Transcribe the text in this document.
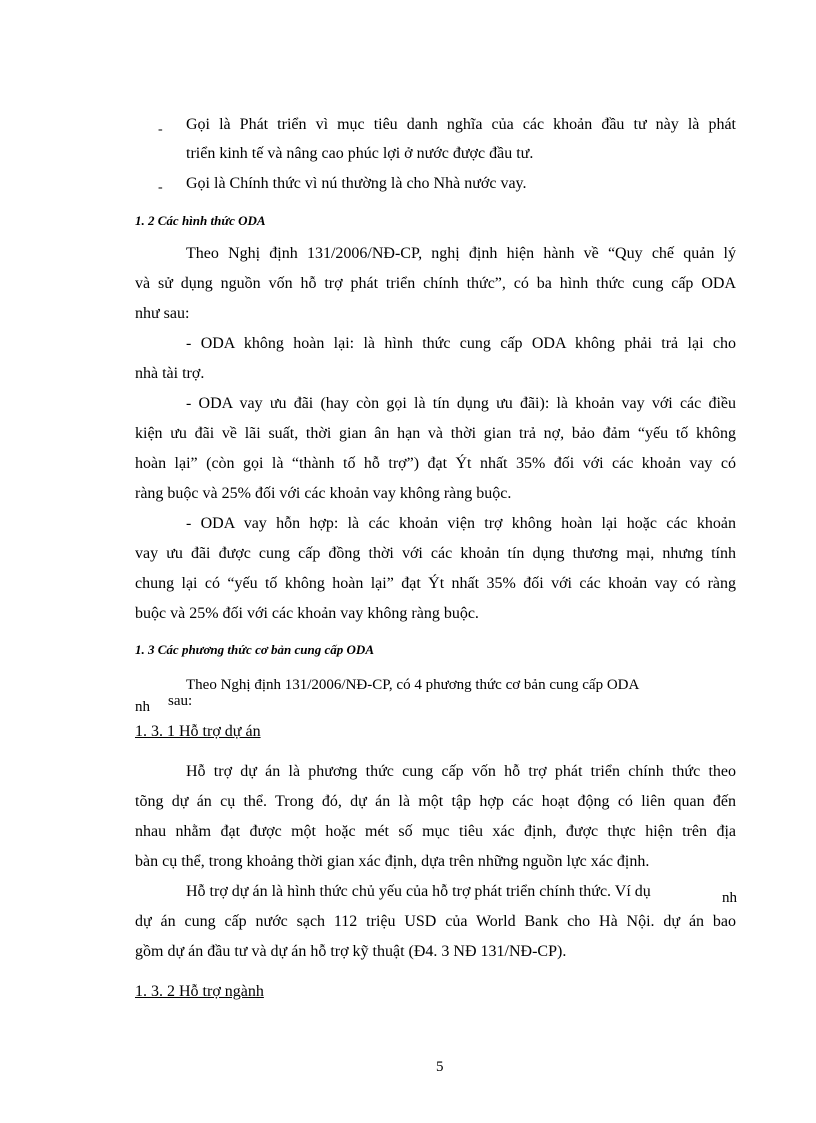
- Gọi là Phát triển vì mục tiêu danh nghĩa của các khoản đầu tư này là phát
triển kinh tế và nâng cao phúc lợi ở nước được đầu tư.
- Gọi là Chính thức vì nú thường là cho Nhà nước vay.
1. 2 Các hình thức ODA
Theo Nghị định 131/2006/NĐ-CP, nghị định hiện hành về “Quy chế quản lý
và sử dụng nguồn vốn hỗ trợ phát triển chính thức”, có ba hình thức cung cấp ODA
như sau:
- ODA không hoàn lại: là hình thức cung cấp ODA không phải trả lại cho
nhà tài trợ.
- ODA vay ưu đãi (hay còn gọi là tín dụng ưu đãi): là khoản vay với các điều
kiện ưu đãi về lãi suất, thời gian ân hạn và thời gian trả nợ, bảo đảm “yếu tố không
hoàn lại” (còn gọi là “thành tố hỗ trợ”) đạt Ýt nhất 35% đối với các khoản vay có
ràng buộc và 25% đối với các khoản vay không ràng buộc.
- ODA vay hỗn hợp: là các khoản viện trợ không hoàn lại hoặc các khoản
vay ưu đãi được cung cấp đồng thời với các khoản tín dụng thương mại, nhưng tính
chung lại có “yếu tố không hoàn lại” đạt Ýt nhất 35% đối với các khoản vay có ràng
buộc và 25% đối với các khoản vay không ràng buộc.
1. 3 Các phương thức cơ bản cung cấp ODA
Theo Nghị định 131/2006/NĐ-CP, có 4 phương thức cơ bản cung cấp ODA
nh sau:
1. 3. 1 Hỗ trợ dự án
Hỗ trợ dự án là phương thức cung cấp vốn hỗ trợ phát triển chính thức theo
tõng dự án cụ thể. Trong đó, dự án là một tập hợp các hoạt động có liên quan đến
nhau nhằm đạt được một hoặc mét số mục tiêu xác định, được thực hiện trên địa
bàn cụ thể, trong khoảng thời gian xác định, dựa trên những nguồn lực xác định.
Hỗ trợ dự án là hình thức chủ yếu của hỗ trợ phát triển chính thức. Ví dụ	nh
dự án cung cấp nước sạch 112 triệu USD của World Bank cho Hà Nội. dự án bao
gồm dự án đầu tư và dự án hỗ trợ kỹ thuật (Đ4. 3 NĐ 131/NĐ-CP).
1. 3. 2 Hỗ trợ ngành
5
